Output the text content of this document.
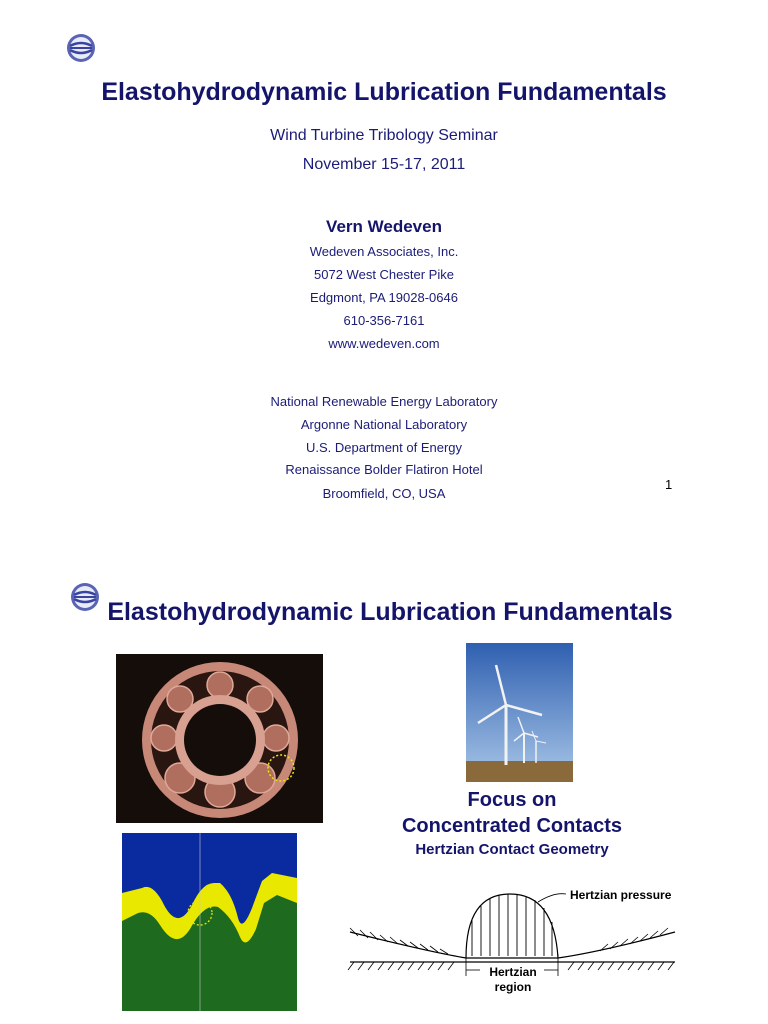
Elastohydrodynamic Lubrication Fundamentals
Wind Turbine Tribology Seminar
November 15-17, 2011
Vern Wedeven
Wedeven Associates, Inc.
5072 West Chester Pike
Edgmont, PA 19028-0646
610-356-7161
www.wedeven.com
National Renewable Energy Laboratory
Argonne National Laboratory
U.S. Department of Energy
Renaissance Bolder Flatiron Hotel
Broomfield, CO, USA
1
Elastohydrodynamic Lubrication Fundamentals
Focus on
Concentrated Contacts
Hertzian Contact Geometry
Hertzian pressure
Hertzian
region
